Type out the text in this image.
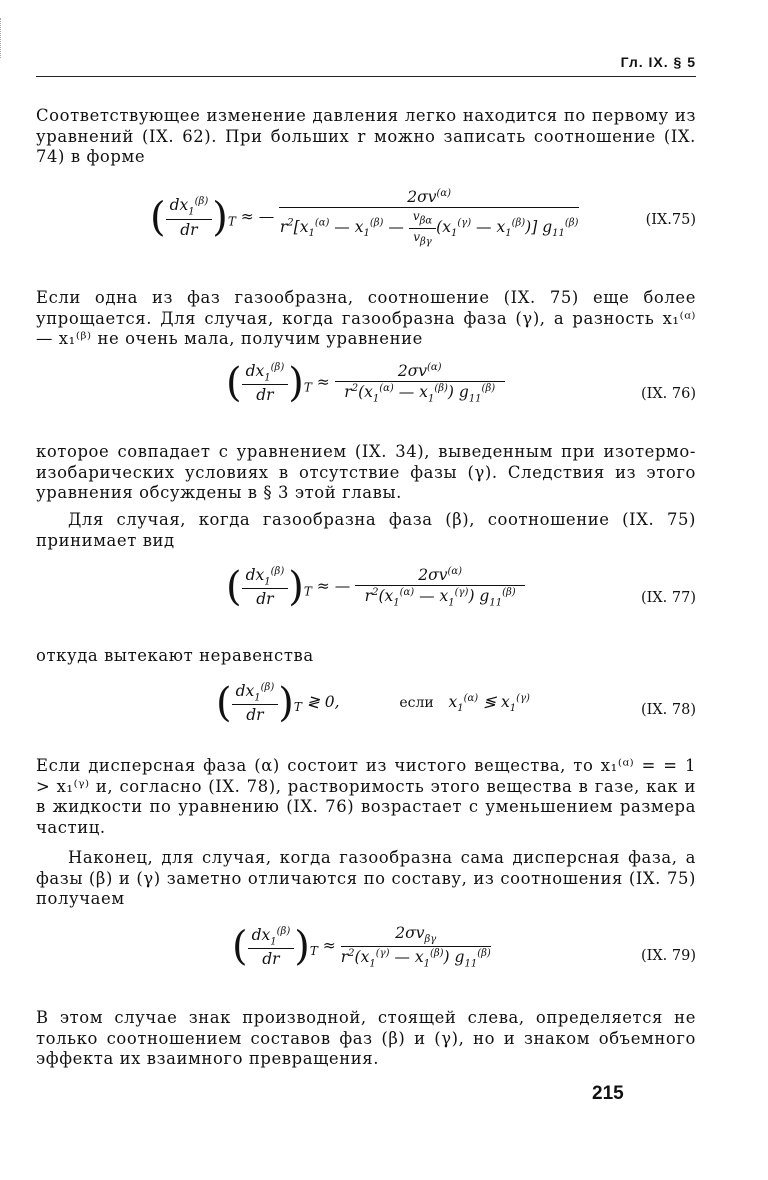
Гл. IX. § 5
Соответствующее изменение давления легко находится по первому из уравнений (IX. 62). При больших r можно записать соотношение (IX. 74) в форме
( $\frac{dx_1^{(\beta)}}{dr} )_T$ ≈ — $\frac{2\sigma v^{(\alpha)}}{r^2[x_1^{(\alpha)} — x_1^{(\beta)} — \frac{v_{\beta\alpha}}{v_{\beta\gamma}} (x_1^{(\gamma)} — x_1^{(\beta)})] g_{11}^{(\beta)}}$	(IX.75)
Если одна из фаз газообразна, соотношение (IX. 75) еще более упрощается. Для случая, когда газообразна фаза (γ), а разность x₁⁽ᵅ⁾ — x₁⁽ᵝ⁾ не очень мала, получим уравнение
( $\frac{dx_1^{(\beta)}}{dr} )_T \approx \frac{2\sigma v^{(\alpha)}}{r^2(x_1^{(\alpha)} — x_1^{(\beta)}) g_{11}^{(\beta)}}$	(IX. 76)
которое совпадает с уравнением (IX. 34), выведенным при изотермо-изобарических условиях в отсутствие фазы (γ). Следствия из этого уравнения обсуждены в § 3 этой главы.
Для случая, когда газообразна фаза (β), соотношение (IX. 75) принимает вид
( $\frac{dx_1^{(\beta)}}{dr} )_T$ ≈ — $\frac{2\sigma v^{(\alpha)}}{r^2(x_1^{(\alpha)} — x_1^{(\gamma)}) g_{11}^{(\beta)}}$	(IX. 77)
откуда вытекают неравенства
( $\frac{dx_1^{(\beta)}}{dr} )_T$ ≷ 0,	если   $x_1^{(\alpha)}$ ≶ $x_1^{(\gamma)}$
(IX. 78)
Если дисперсная фаза (α) состоит из чистого вещества, то x₁⁽ᵅ⁾ = = 1 > x₁⁽ᵞ⁾ и, согласно (IX. 78), растворимость этого вещества в газе, как и в жидкости по уравнению (IX. 76) возрастает с уменьшением размера частиц.
Наконец, для случая, когда газообразна сама дисперсная фаза, а фазы (β) и (γ) заметно отличаются по составу, из соотношения (IX. 75) получаем
( $\frac{dx_1^{(\beta)}}{dr} )_T \approx \frac{2\sigma v_{\beta\gamma}}{r^2(x_1^{(\gamma)} — x_1^{(\beta)}) g_{11}^{(\beta)}}$	(IX. 79)
В этом случае знак производной, стоящей слева, определяется не только соотношением составов фаз (β) и (γ), но и знаком объемного эффекта их взаимного превращения.
215
